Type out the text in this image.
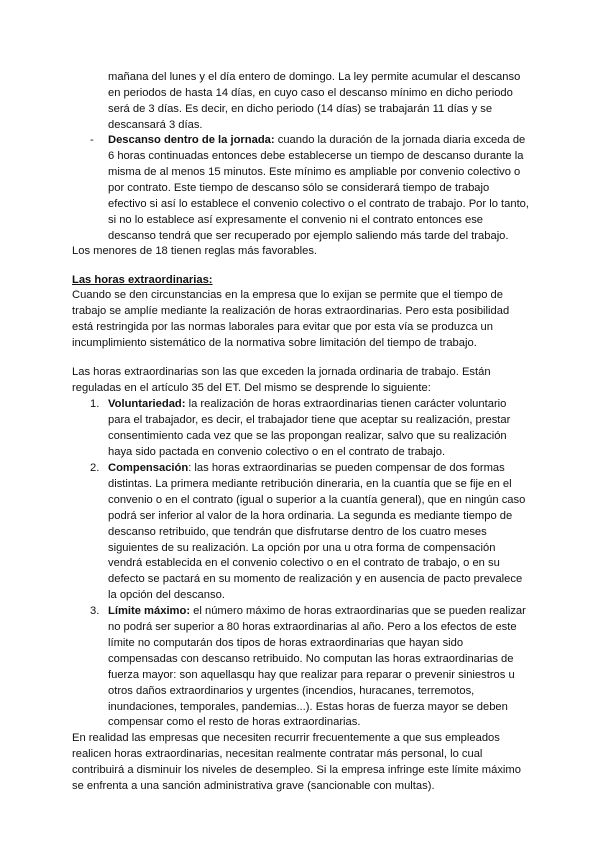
mañana del lunes y el día entero de domingo. La ley permite acumular el descanso
en periodos de hasta 14 días, en cuyo caso el descanso mínimo en dicho periodo
será de 3 días. Es decir, en dicho periodo (14 días) se trabajarán 11 días y se
descansará 3 días.
- Descanso dentro de la jornada: cuando la duración de la jornada diaria exceda de
6 horas continuadas entonces debe establecerse un tiempo de descanso durante la
misma de al menos 15 minutos. Este mínimo es ampliable por convenio colectivo o
por contrato. Este tiempo de descanso sólo se considerará tiempo de trabajo
efectivo si así lo establece el convenio colectivo o el contrato de trabajo. Por lo tanto,
si no lo establece así expresamente el convenio ni el contrato entonces ese
descanso tendrá que ser recuperado por ejemplo saliendo más tarde del trabajo.
Los menores de 18 tienen reglas más favorables.
Las horas extraordinarias:
Cuando se den circunstancias en la empresa que lo exijan se permite que el tiempo de
trabajo se amplíe mediante la realización de horas extraordinarias. Pero esta posibilidad
está restringida por las normas laborales para evitar que por esta vía se produzca un
incumplimiento sistemático de la normativa sobre limitación del tiempo de trabajo.
Las horas extraordinarias son las que exceden la jornada ordinaria de trabajo. Están
reguladas en el artículo 35 del ET. Del mismo se desprende lo siguiente:
1. Voluntariedad: la realización de horas extraordinarias tienen carácter voluntario
para el trabajador, es decir, el trabajador tiene que aceptar su realización, prestar
consentimiento cada vez que se las propongan realizar, salvo que su realización
haya sido pactada en convenio colectivo o en el contrato de trabajo.
2. Compensación: las horas extraordinarias se pueden compensar de dos formas
distintas. La primera mediante retribución dineraria, en la cuantía que se fije en el
convenio o en el contrato (igual o superior a la cuantía general), que en ningún caso
podrá ser inferior al valor de la hora ordinaria. La segunda es mediante tiempo de
descanso retribuido, que tendrán que disfrutarse dentro de los cuatro meses
siguientes de su realización. La opción por una u otra forma de compensación
vendrá establecida en el convenio colectivo o en el contrato de trabajo, o en su
defecto se pactará en su momento de realización y en ausencia de pacto prevalece
la opción del descanso.
3. Límite máximo: el número máximo de horas extraordinarias que se pueden realizar
no podrá ser superior a 80 horas extraordinarias al año. Pero a los efectos de este
límite no computarán dos tipos de horas extraordinarias que hayan sido
compensadas con descanso retribuido. No computan las horas extraordinarias de
fuerza mayor: son aquellasqu hay que realizar para reparar o prevenir siniestros u
otros daños extraordinarios y urgentes (incendios, huracanes, terremotos,
inundaciones, temporales, pandemias...). Estas horas de fuerza mayor se deben
compensar como el resto de horas extraordinarias.
En realidad las empresas que necesiten recurrir frecuentemente a que sus empleados
realicen horas extraordinarias, necesitan realmente contratar más personal, lo cual
contribuirá a disminuir los niveles de desempleo. Si la empresa infringe este límite máximo
se enfrenta a una sanción administrativa grave (sancionable con multas).
